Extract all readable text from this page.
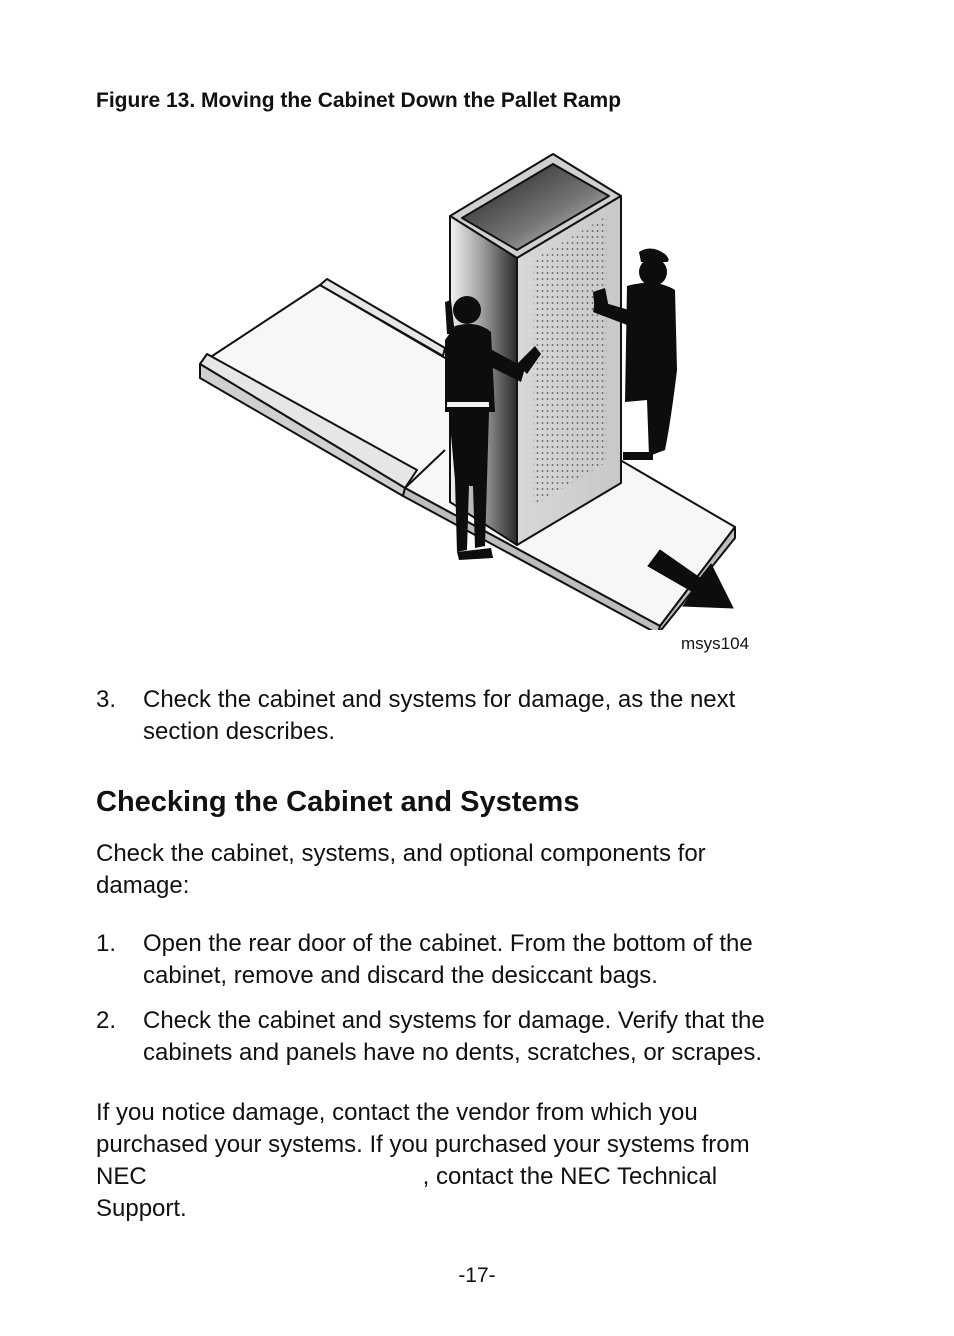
Figure 13. Moving the Cabinet Down the Pallet Ramp
msys104
3.	Check the cabinet and systems for damage, as the next
section describes.
Checking the Cabinet and Systems
Check the cabinet, systems, and optional components for
damage:
1.	Open the rear door of the cabinet. From the bottom of the
cabinet, remove and discard the desiccant bags.
2.	Check the cabinet and systems for damage. Verify that the
cabinets and panels have no dents, scratches, or scrapes.
If you notice damage, contact the vendor from which you
purchased your systems. If you purchased your systems from
NEC	, contact the NEC Technical
Support.
-17-
